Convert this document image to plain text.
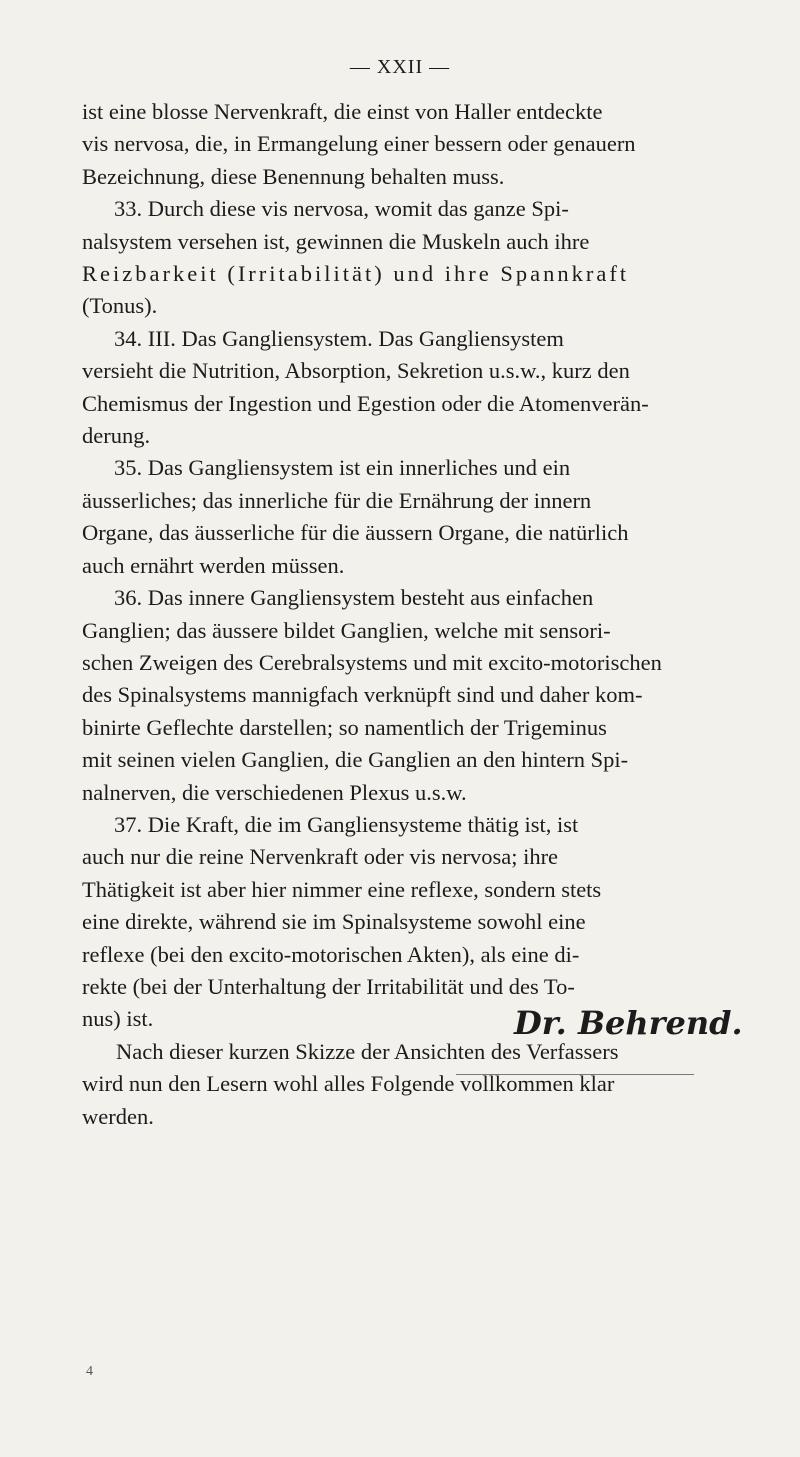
— XXII —
ist eine blosse Nervenkraft, die einst von Haller entdeckte
vis nervosa, die, in Ermangelung einer bessern oder genauern
Bezeichnung, diese Benennung behalten muss.
33. Durch diese vis nervosa, womit das ganze Spi-
nalsystem versehen ist, gewinnen die Muskeln auch ihre
Reizbarkeit (Irritabilität) und ihre Spannkraft
(Tonus).
34. III. Das Gangliensystem. Das Gangliensystem
versieht die Nutrition, Absorption, Sekretion u.s.w., kurz den
Chemismus der Ingestion und Egestion oder die Atomenverän-
derung.
35. Das Gangliensystem ist ein innerliches und ein
äusserliches; das innerliche für die Ernährung der innern
Organe, das äusserliche für die äussern Organe, die natürlich
auch ernährt werden müssen.
36. Das innere Gangliensystem besteht aus einfachen
Ganglien; das äussere bildet Ganglien, welche mit sensori-
schen Zweigen des Cerebralsystems und mit excito-motorischen
des Spinalsystems mannigfach verknüpft sind und daher kom-
binirte Geflechte darstellen; so namentlich der Trigeminus
mit seinen vielen Ganglien, die Ganglien an den hintern Spi-
nalnerven, die verschiedenen Plexus u.s.w.
37. Die Kraft, die im Gangliensysteme thätig ist, ist
auch nur die reine Nervenkraft oder vis nervosa; ihre
Thätigkeit ist aber hier nimmer eine reflexe, sondern stets
eine direkte, während sie im Spinalsysteme sowohl eine
reflexe (bei den excito-motorischen Akten), als eine di-
rekte (bei der Unterhaltung der Irritabilität und des To-
nus) ist.
Nach dieser kurzen Skizze der Ansichten des Verfassers
wird nun den Lesern wohl alles Folgende vollkommen klar
werden.
Dr. Behrend.
4
